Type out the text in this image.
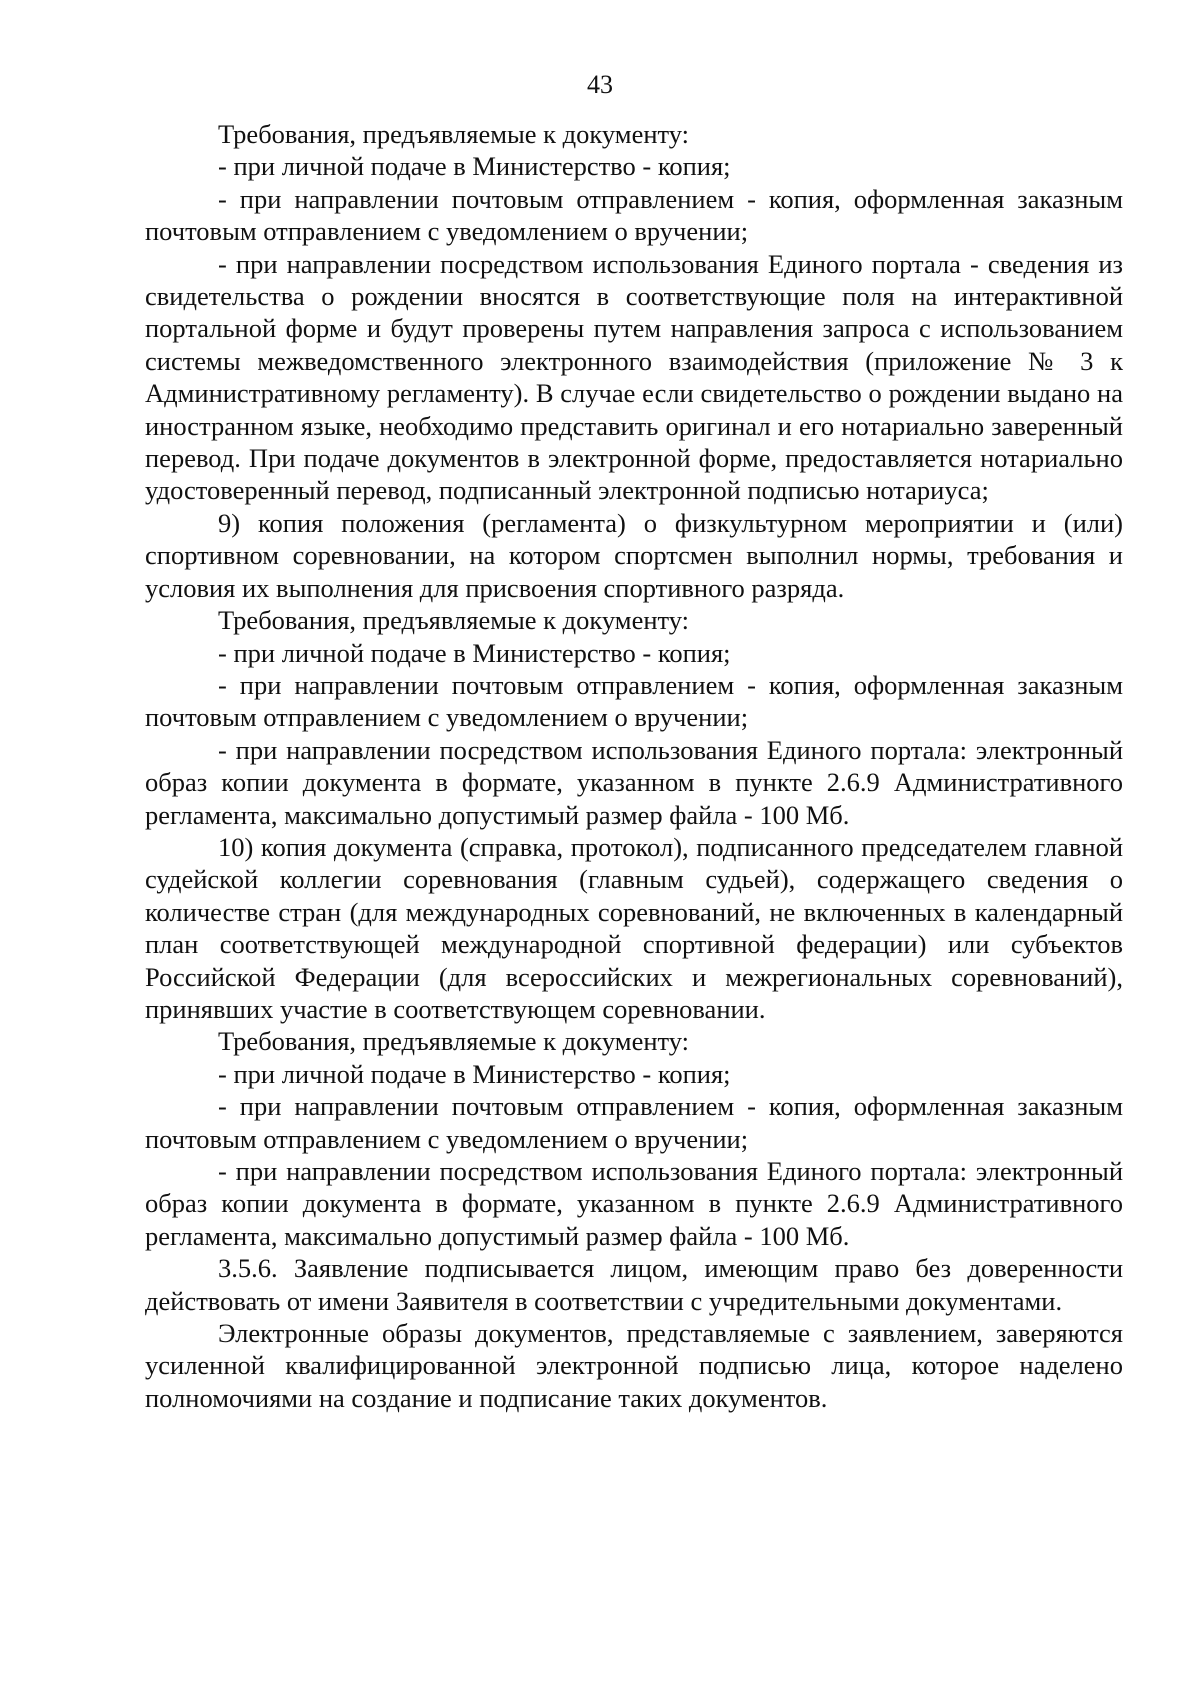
43

Требования, предъявляемые к документу:

- при личной подаче в Министерство - копия;

- при направлении почтовым отправлением - копия, оформленная заказным почтовым отправлением с уведомлением о вручении;

- при направлении посредством использования Единого портала - сведения из свидетельства о рождении вносятся в соответствующие поля на интерактивной портальной форме и будут проверены путем направления запроса с использованием системы межведомственного электронного взаимодействия (приложение № 3 к Административному регламенту). В случае если свидетельство о рождении выдано на иностранном языке, необходимо представить оригинал и его нотариально заверенный перевод. При подаче документов в электронной форме, предоставляется нотариально удостоверенный перевод, подписанный электронной подписью нотариуса;

9) копия положения (регламента) о физкультурном мероприятии и (или) спортивном соревновании, на котором спортсмен выполнил нормы, требования и условия их выполнения для присвоения спортивного разряда.

Требования, предъявляемые к документу:

- при личной подаче в Министерство - копия;

- при направлении почтовым отправлением - копия, оформленная заказным почтовым отправлением с уведомлением о вручении;

- при направлении посредством использования Единого портала: электронный образ копии документа в формате, указанном в пункте 2.6.9 Административного регламента, максимально допустимый размер файла - 100 Мб.

10) копия документа (справка, протокол), подписанного председателем главной судейской коллегии соревнования (главным судьей), содержащего сведения о количестве стран (для международных соревнований, не включенных в календарный план соответствующей международной спортивной федерации) или субъектов Российской Федерации (для всероссийских и межрегиональных соревнований), принявших участие в соответствующем соревновании.

Требования, предъявляемые к документу:

- при личной подаче в Министерство - копия;

- при направлении почтовым отправлением - копия, оформленная заказным почтовым отправлением с уведомлением о вручении;

- при направлении посредством использования Единого портала: электронный образ копии документа в формате, указанном в пункте 2.6.9 Административного регламента, максимально допустимый размер файла - 100 Мб.

3.5.6. Заявление подписывается лицом, имеющим право без доверенности действовать от имени Заявителя в соответствии с учредительными документами.

Электронные образы документов, представляемые с заявлением, заверяются усиленной квалифицированной электронной подписью лица, которое наделено полномочиями на создание и подписание таких документов.
